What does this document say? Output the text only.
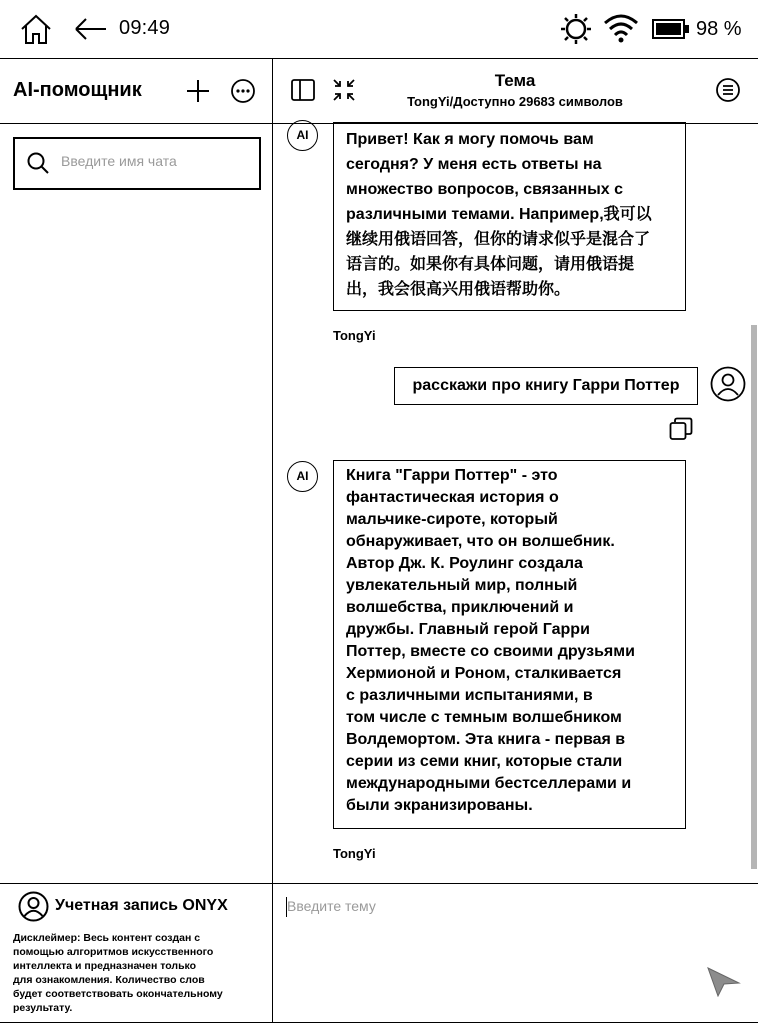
09:49	98 %
AI-помощник	Тема
TongYi/Доступно 29683 символов
Введите имя чата
AI	Привет! Как я могу помочь вам
сегодня? У меня есть ответы на
множество вопросов, связанных с
различными темами. Например,我可以
继续用俄语回答，但你的请求似乎是混合了
语言的。如果你有具体问题，请用俄语提
出，我会很高兴用俄语帮助你。
TongYi
расскажи про книгу Гарри Поттер
AI	Книга "Гарри Поттер" - это
фантастическая история о
мальчике-сироте, который
обнаруживает, что он волшебник.
Автор Дж. К. Роулинг создала
увлекательный мир, полный
волшебства, приключений и
дружбы. Главный герой Гарри
Поттер, вместе со своими друзьями
Хермионой и Роном, сталкивается
с различными испытаниями, в
том числе с темным волшебником
Волдемортом. Эта книга - первая в
серии из семи книг, которые стали
международными бестселлерами и
были экранизированы.
TongYi
Учетная запись ONYX
Дисклеймер: Весь контент создан с
помощью алгоритмов искусственного
интеллекта и предназначен только
для ознакомления. Количество слов
будет соответствовать окончательному
результату.
Введите тему
